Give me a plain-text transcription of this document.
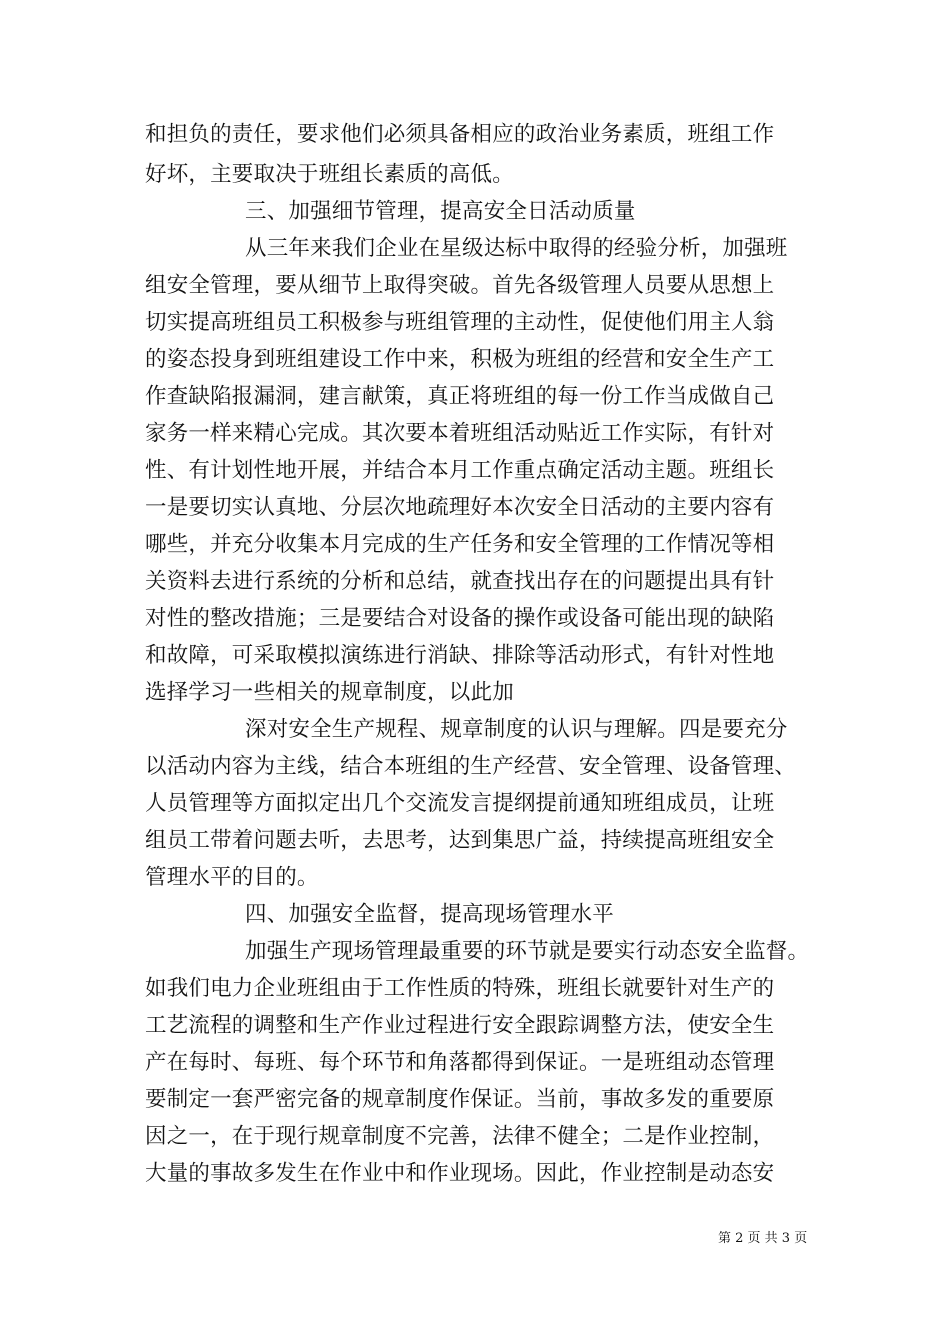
和担负的责任，要求他们必须具备相应的政治业务素质，班组工作
好坏，主要取决于班组长素质的高低。
三、加强细节管理，提高安全日活动质量
从三年来我们企业在星级达标中取得的经验分析，加强班
组安全管理，要从细节上取得突破。首先各级管理人员要从思想上
切实提高班组员工积极参与班组管理的主动性，促使他们用主人翁
的姿态投身到班组建设工作中来，积极为班组的经营和安全生产工
作查缺陷报漏洞，建言献策，真正将班组的每一份工作当成做自己
家务一样来精心完成。其次要本着班组活动贴近工作实际，有针对
性、有计划性地开展，并结合本月工作重点确定活动主题。班组长
一是要切实认真地、分层次地疏理好本次安全日活动的主要内容有
哪些，并充分收集本月完成的生产任务和安全管理的工作情况等相
关资料去进行系统的分析和总结，就查找出存在的问题提出具有针
对性的整改措施；三是要结合对设备的操作或设备可能出现的缺陷
和故障，可采取模拟演练进行消缺、排除等活动形式，有针对性地
选择学习一些相关的规章制度，以此加
深对安全生产规程、规章制度的认识与理解。四是要充分
以活动内容为主线，结合本班组的生产经营、安全管理、设备管理、
人员管理等方面拟定出几个交流发言提纲提前通知班组成员，让班
组员工带着问题去听，去思考，达到集思广益，持续提高班组安全
管理水平的目的。
四、加强安全监督，提高现场管理水平
加强生产现场管理最重要的环节就是要实行动态安全监督。
如我们电力企业班组由于工作性质的特殊，班组长就要针对生产的
工艺流程的调整和生产作业过程进行安全跟踪调整方法，使安全生
产在每时、每班、每个环节和角落都得到保证。一是班组动态管理
要制定一套严密完备的规章制度作保证。当前，事故多发的重要原
因之一，在于现行规章制度不完善，法律不健全；二是作业控制，
大量的事故多发生在作业中和作业现场。因此，作业控制是动态安
第 2 页 共 3 页
